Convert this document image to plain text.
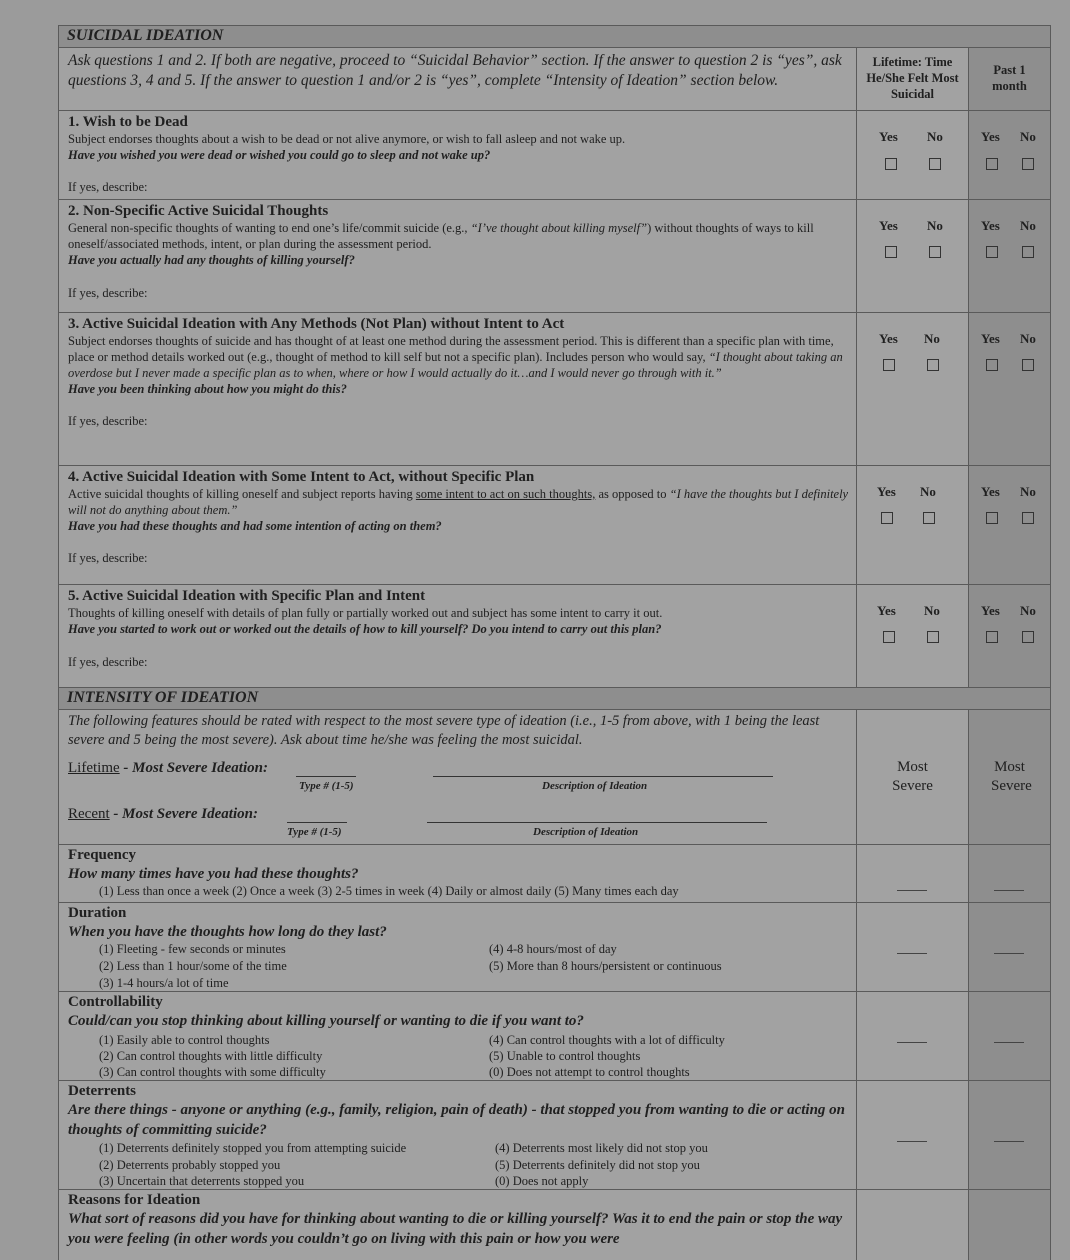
SUICIDAL IDEATION
Ask questions 1 and 2. If both are negative, proceed to “Suicidal Behavior” section. If the answer to question 2 is “yes”, ask questions 3, 4 and 5. If the answer to question 1 and/or 2 is “yes”, complete “Intensity of Ideation” section below.
Lifetime: Time He/She Felt Most Suicidal
Past 1 month
1. Wish to be Dead
Subject endorses thoughts about a wish to be dead or not alive anymore, or wish to fall asleep and not wake up.
Have you wished you were dead or wished you could go to sleep and not wake up?
If yes, describe:
Yes No	Yes No
2. Non-Specific Active Suicidal Thoughts
General non-specific thoughts of wanting to end one’s life/commit suicide (e.g., “I’ve thought about killing myself”) without thoughts of ways to kill oneself/associated methods, intent, or plan during the assessment period.
Have you actually had any thoughts of killing yourself?
If yes, describe:
Yes No	Yes No
3. Active Suicidal Ideation with Any Methods (Not Plan) without Intent to Act
Subject endorses thoughts of suicide and has thought of at least one method during the assessment period. This is different than a specific plan with time, place or method details worked out (e.g., thought of method to kill self but not a specific plan). Includes person who would say, “I thought about taking an overdose but I never made a specific plan as to when, where or how I would actually do it…and I would never go through with it.”
Have you been thinking about how you might do this?
If yes, describe:
Yes No	Yes No
4. Active Suicidal Ideation with Some Intent to Act, without Specific Plan
Active suicidal thoughts of killing oneself and subject reports having some intent to act on such thoughts, as opposed to “I have the thoughts but I definitely will not do anything about them.”
Have you had these thoughts and had some intention of acting on them?
If yes, describe:
Yes No	Yes No
5. Active Suicidal Ideation with Specific Plan and Intent
Thoughts of killing oneself with details of plan fully or partially worked out and subject has some intent to carry it out.
Have you started to work out or worked out the details of how to kill yourself? Do you intend to carry out this plan?
If yes, describe:
Yes No	Yes No
INTENSITY OF IDEATION
The following features should be rated with respect to the most severe type of ideation (i.e., 1-5 from above, with 1 being the least severe and 5 being the most severe). Ask about time he/she was feeling the most suicidal.
Lifetime - Most Severe Ideation:
Type # (1-5)	Description of Ideation
Recent - Most Severe Ideation:
Type # (1-5)	Description of Ideation
Most Severe
Most Severe
Frequency
How many times have you had these thoughts?
(1) Less than once a week (2) Once a week (3) 2-5 times in week (4) Daily or almost daily (5) Many times each day
Duration
When you have the thoughts how long do they last?
(1) Fleeting - few seconds or minutes
(2) Less than 1 hour/some of the time
(3) 1-4 hours/a lot of time
(4) 4-8 hours/most of day
(5) More than 8 hours/persistent or continuous
Controllability
Could/can you stop thinking about killing yourself or wanting to die if you want to?
(1) Easily able to control thoughts
(2) Can control thoughts with little difficulty
(3) Can control thoughts with some difficulty
(4) Can control thoughts with a lot of difficulty
(5) Unable to control thoughts
(0) Does not attempt to control thoughts
Deterrents
Are there things - anyone or anything (e.g., family, religion, pain of death) - that stopped you from wanting to die or acting on thoughts of committing suicide?
(1) Deterrents definitely stopped you from attempting suicide
(2) Deterrents probably stopped you
(3) Uncertain that deterrents stopped you
(4) Deterrents most likely did not stop you
(5) Deterrents definitely did not stop you
(0) Does not apply
Reasons for Ideation
What sort of reasons did you have for thinking about wanting to die or killing yourself? Was it to end the pain or stop the way you were feeling (in other words you couldn’t go on living with this pain or how you were
